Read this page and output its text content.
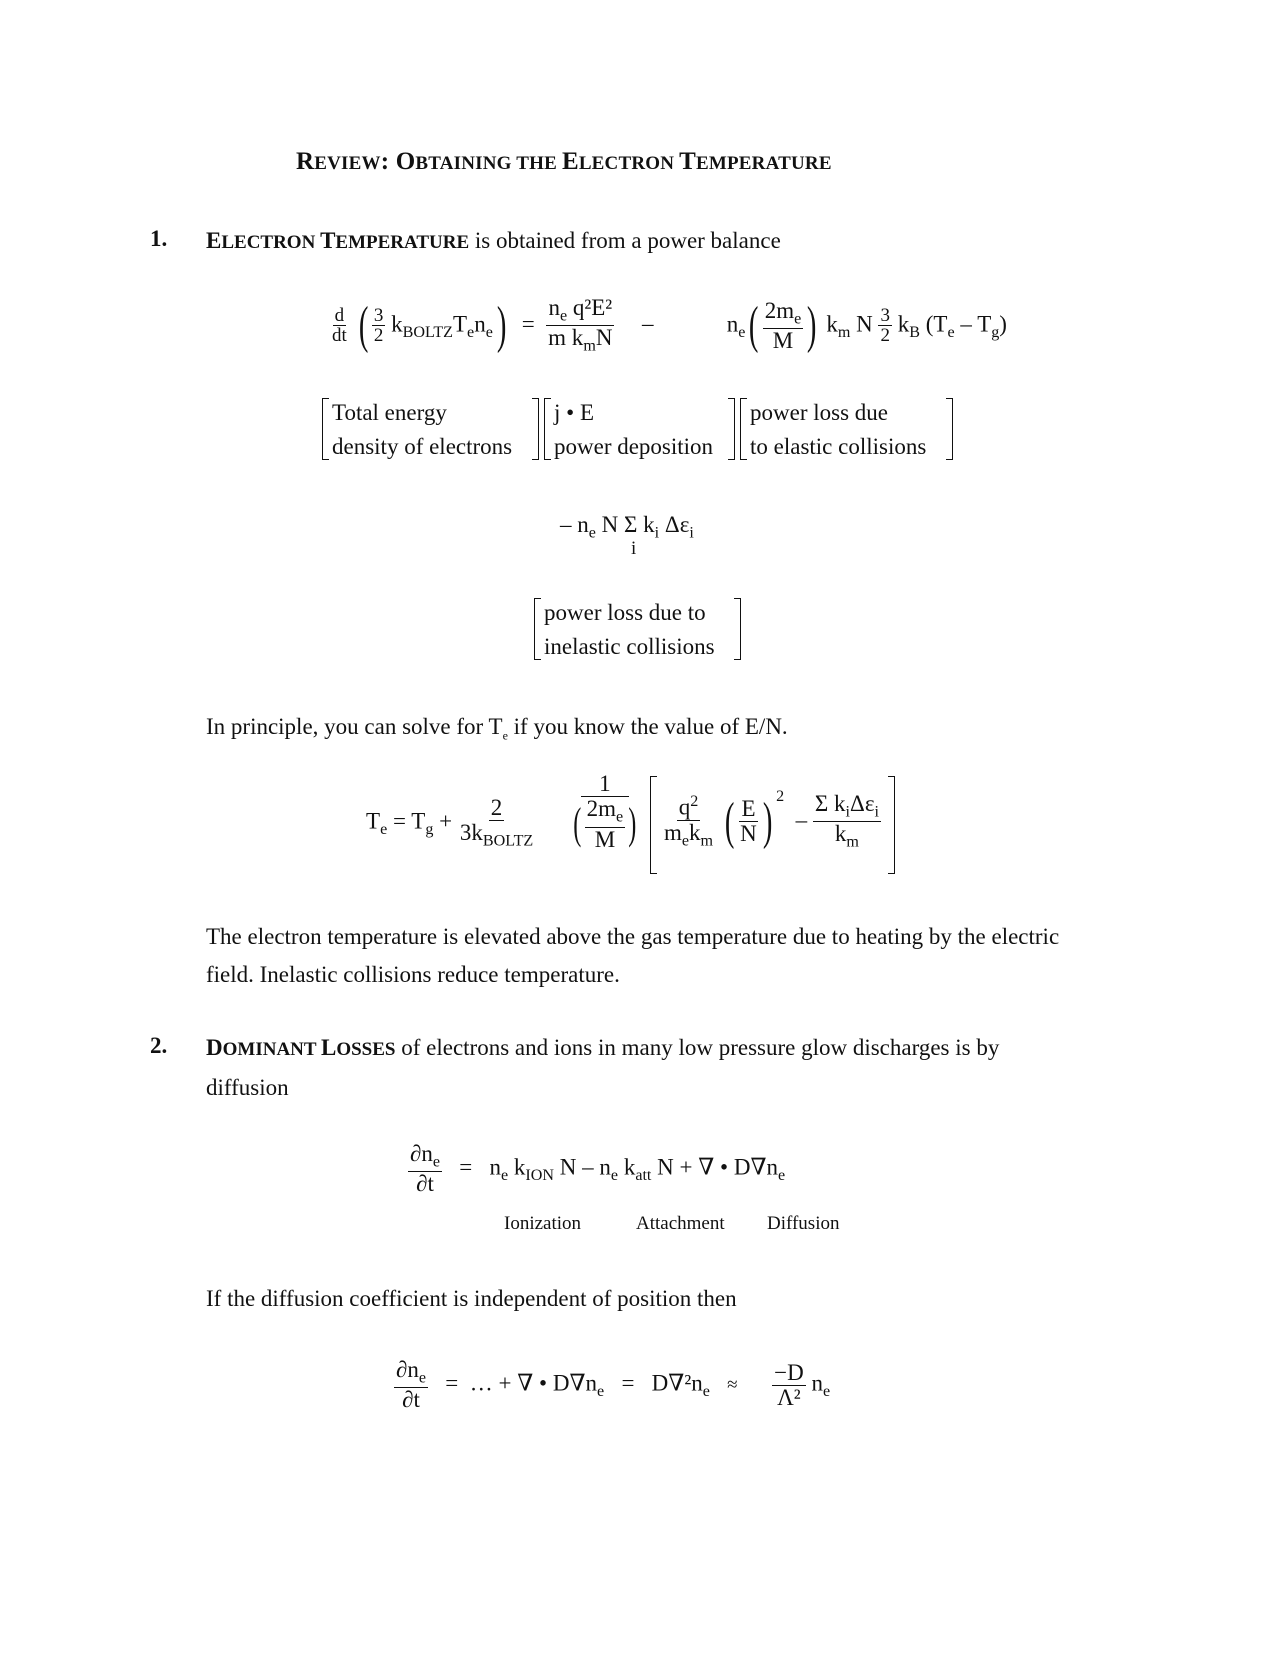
REVIEW: OBTAINING THE ELECTRON TEMPERATURE
1. ELECTRON TEMPERATURE is obtained from a power balance
$\frac{d}{dt}$ ( $\frac{3}{2} k_{BOLTZ}T_en_e) = \frac{n_e q^2E^2}{m k_mN}$ –	$n_e( \frac{2m_e}{M}$ ) $k_m$ N $\frac{3}{2} k_B$ $(T_e - T_g)$
Total energy
density of electrons
j • E
power deposition
power loss due
to elastic collisions
– $n_e$ N Σ
i
$k_i$ $\Delta\varepsilon_i$
power loss due to
inelastic collisions
In principle, you can solve for $T_e$ if you know the value of E/N.
$T_e = T_g + \frac{2}{3k_{BOLTZ}} \frac{1}{( \frac{2m_e}{M} )} \frac{q^2}{m_ek_m}$ ( $\frac{E}{N}$ ) $^2 - \frac{\Sigma k_i\Delta\varepsilon_i}{k_m}$
The electron temperature is elevated above the gas temperature due to heating by the electric field. Inelastic collisions reduce temperature.
2. DOMINANT LOSSES of electrons and ions in many low pressure glow discharges is by diffusion
$\frac{\partial n_e}{\partial t} = n_e$ $k_{ION}$ N – $n_e$ $k_{att}$ N + ∇ • $D\nabla n_e$
Ionization	Attachment Diffusion
If the diffusion coefficient is independent of position then
$\frac{\partial n_e}{\partial t}$ = … + ∇ • $D\nabla n_e = D\nabla^2n_e \approx \frac{-D}{\text{Λ²}} n_e$
